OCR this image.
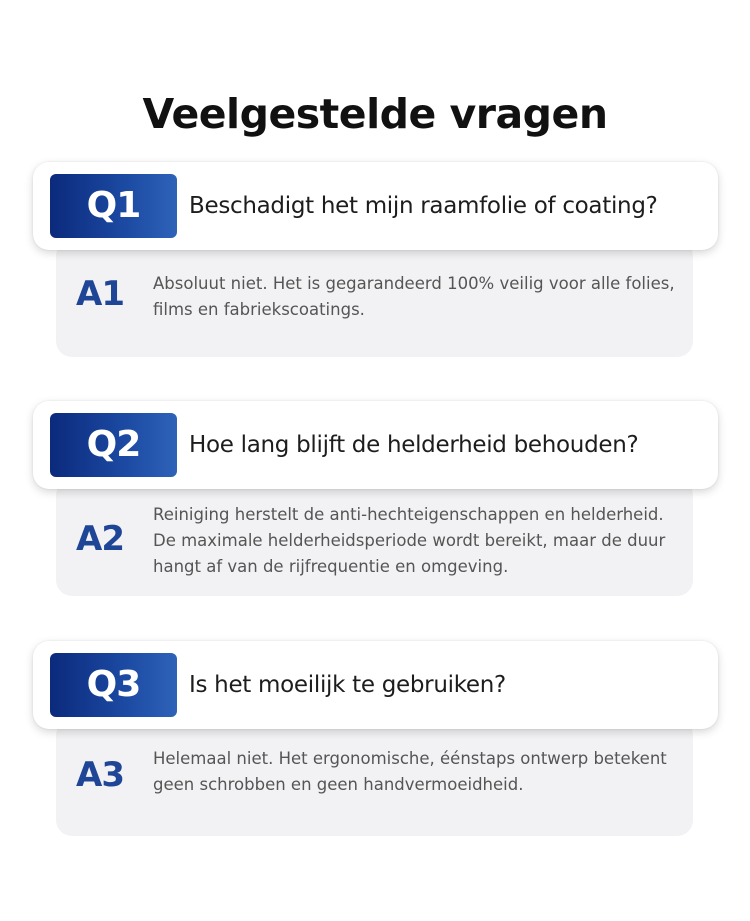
Veelgestelde vragen
A1	Absoluut niet. Het is gegarandeerd 100% veilig voor alle folies, films en fabriekscoatings.

Q1	Beschadigt het mijn raamfolie of coating?
A2

Reiniging herstelt de anti-hechteigenschappen en helderheid. De maximale helderheidsperiode wordt bereikt, maar de duur hangt af van de rijfrequentie en omgeving.

Q2	Hoe lang blijft de helderheid behouden?
A3	Helemaal niet. Het ergonomische, éénstaps ontwerp betekent geen schrobben en geen handvermoeidheid.

Q3	Is het moeilijk te gebruiken?
